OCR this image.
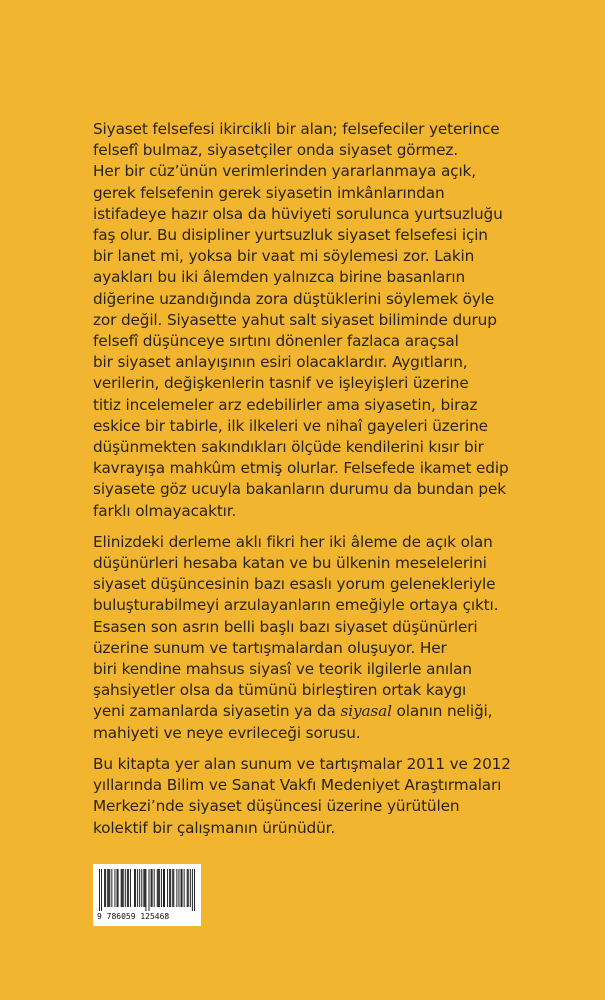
Siyaset felsefesi ikircikli bir alan; felsefeciler yeterince
felsefî bulmaz, siyasetçiler onda siyaset görmez.
Her bir cüz’ünün verimlerinden yararlanmaya açık,
gerek felsefenin gerek siyasetin imkânlarından
istifadeye hazır olsa da hüviyeti sorulunca yurtsuzluğu
faş olur. Bu disipliner yurtsuzluk siyaset felsefesi için
bir lanet mi, yoksa bir vaat mi söylemesi zor. Lakin
ayakları bu iki âlemden yalnızca birine basanların
diğerine uzandığında zora düştüklerini söylemek öyle
zor değil. Siyasette yahut salt siyaset biliminde durup
felsefî düşünceye sırtını dönenler fazlaca araçsal
bir siyaset anlayışının esiri olacaklardır. Aygıtların,
verilerin, değişkenlerin tasnif ve işleyişleri üzerine
titiz incelemeler arz edebilirler ama siyasetin, biraz
eskice bir tabirle, ilk ilkeleri ve nihaî gayeleri üzerine
düşünmekten sakındıkları ölçüde kendilerini kısır bir
kavrayışa mahkûm etmiş olurlar. Felsefede ikamet edip
siyasete göz ucuyla bakanların durumu da bundan pek
farklı olmayacaktır.

Elinizdeki derleme aklı fikri her iki âleme de açık olan
düşünürleri hesaba katan ve bu ülkenin meselelerini
siyaset düşüncesinin bazı esaslı yorum gelenekleriyle
buluşturabilmeyi arzulayanların emeğiyle ortaya çıktı.
Esasen son asrın belli başlı bazı siyaset düşünürleri
üzerine sunum ve tartışmalardan oluşuyor. Her
biri kendine mahsus siyasî ve teorik ilgilerle anılan
şahsiyetler olsa da tümünü birleştiren ortak kaygı
yeni zamanlarda siyasetin ya da siyasal olanın neliği,
mahiyeti ve neye evrileceği sorusu.

Bu kitapta yer alan sunum ve tartışmalar 2011 ve 2012
yıllarında Bilim ve Sanat Vakfı Medeniyet Araştırmaları
Merkezi’nde siyaset düşüncesi üzerine yürütülen
kolektif bir çalışmanın ürünüdür.

9 786059 125468
